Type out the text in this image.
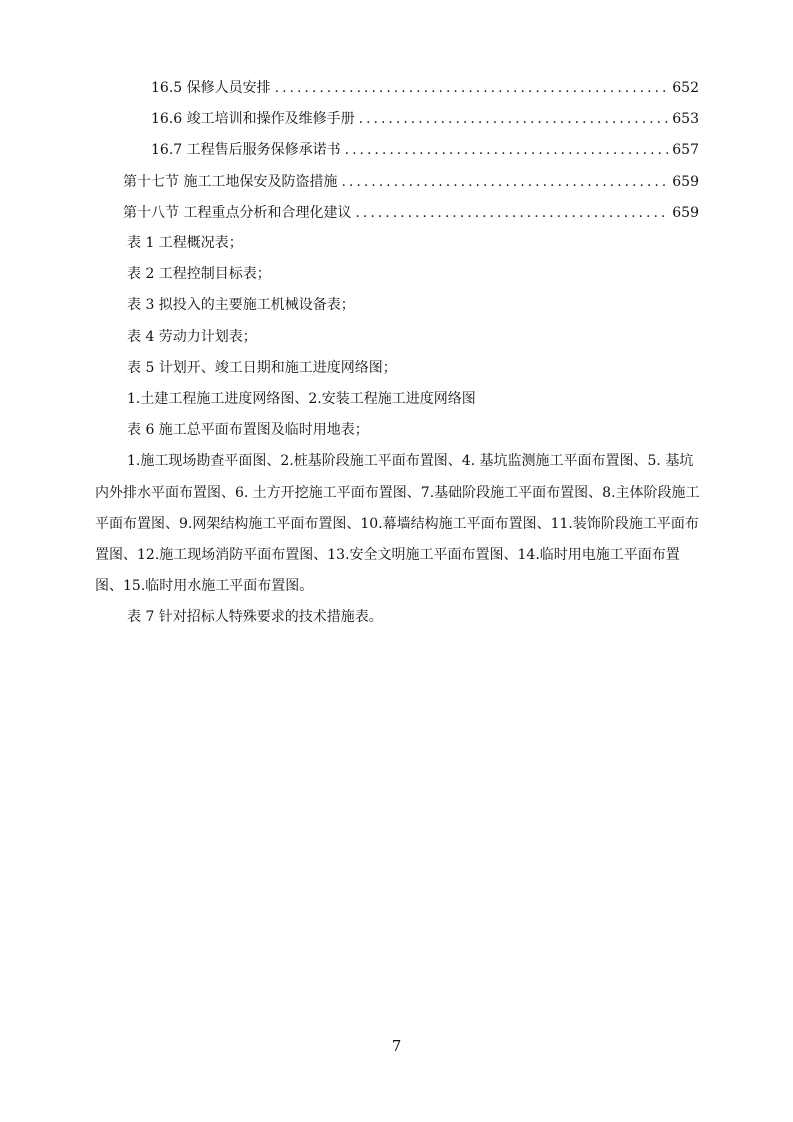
16.5 保修人员安排 .....	652
16.6 竣工培训和操作及维修手册 .....	653
16.7 工程售后服务保修承诺书 .....	657
第十七节 施工工地保安及防盗措施 .....	659
第十八节 工程重点分析和合理化建议 .....	659

表 1 工程概况表；

表 2 工程控制目标表；

表 3 拟投入的主要施工机械设备表；

表 4 劳动力计划表；

表 5 计划开、竣工日期和施工进度网络图；

1.土建工程施工进度网络图、2.安装工程施工进度网络图

表 6 施工总平面布置图及临时用地表；

1.施工现场勘查平面图、2.桩基阶段施工平面布置图、4. 基坑监测施工平面布置图、5. 基坑内外排水平面布置图、6. 土方开挖施工平面布置图、7.基础阶段施工平面布置图、8.主体阶段施工平面布置图、9.网架结构施工平面布置图、10.幕墙结构施工平面布置图、11.装饰阶段施工平面布置图、12.施工现场消防平面布置图、13.安全文明施工平面布置图、14.临时用电施工平面布置图、15.临时用水施工平面布置图。

表 7 针对招标人特殊要求的技术措施表。

7
